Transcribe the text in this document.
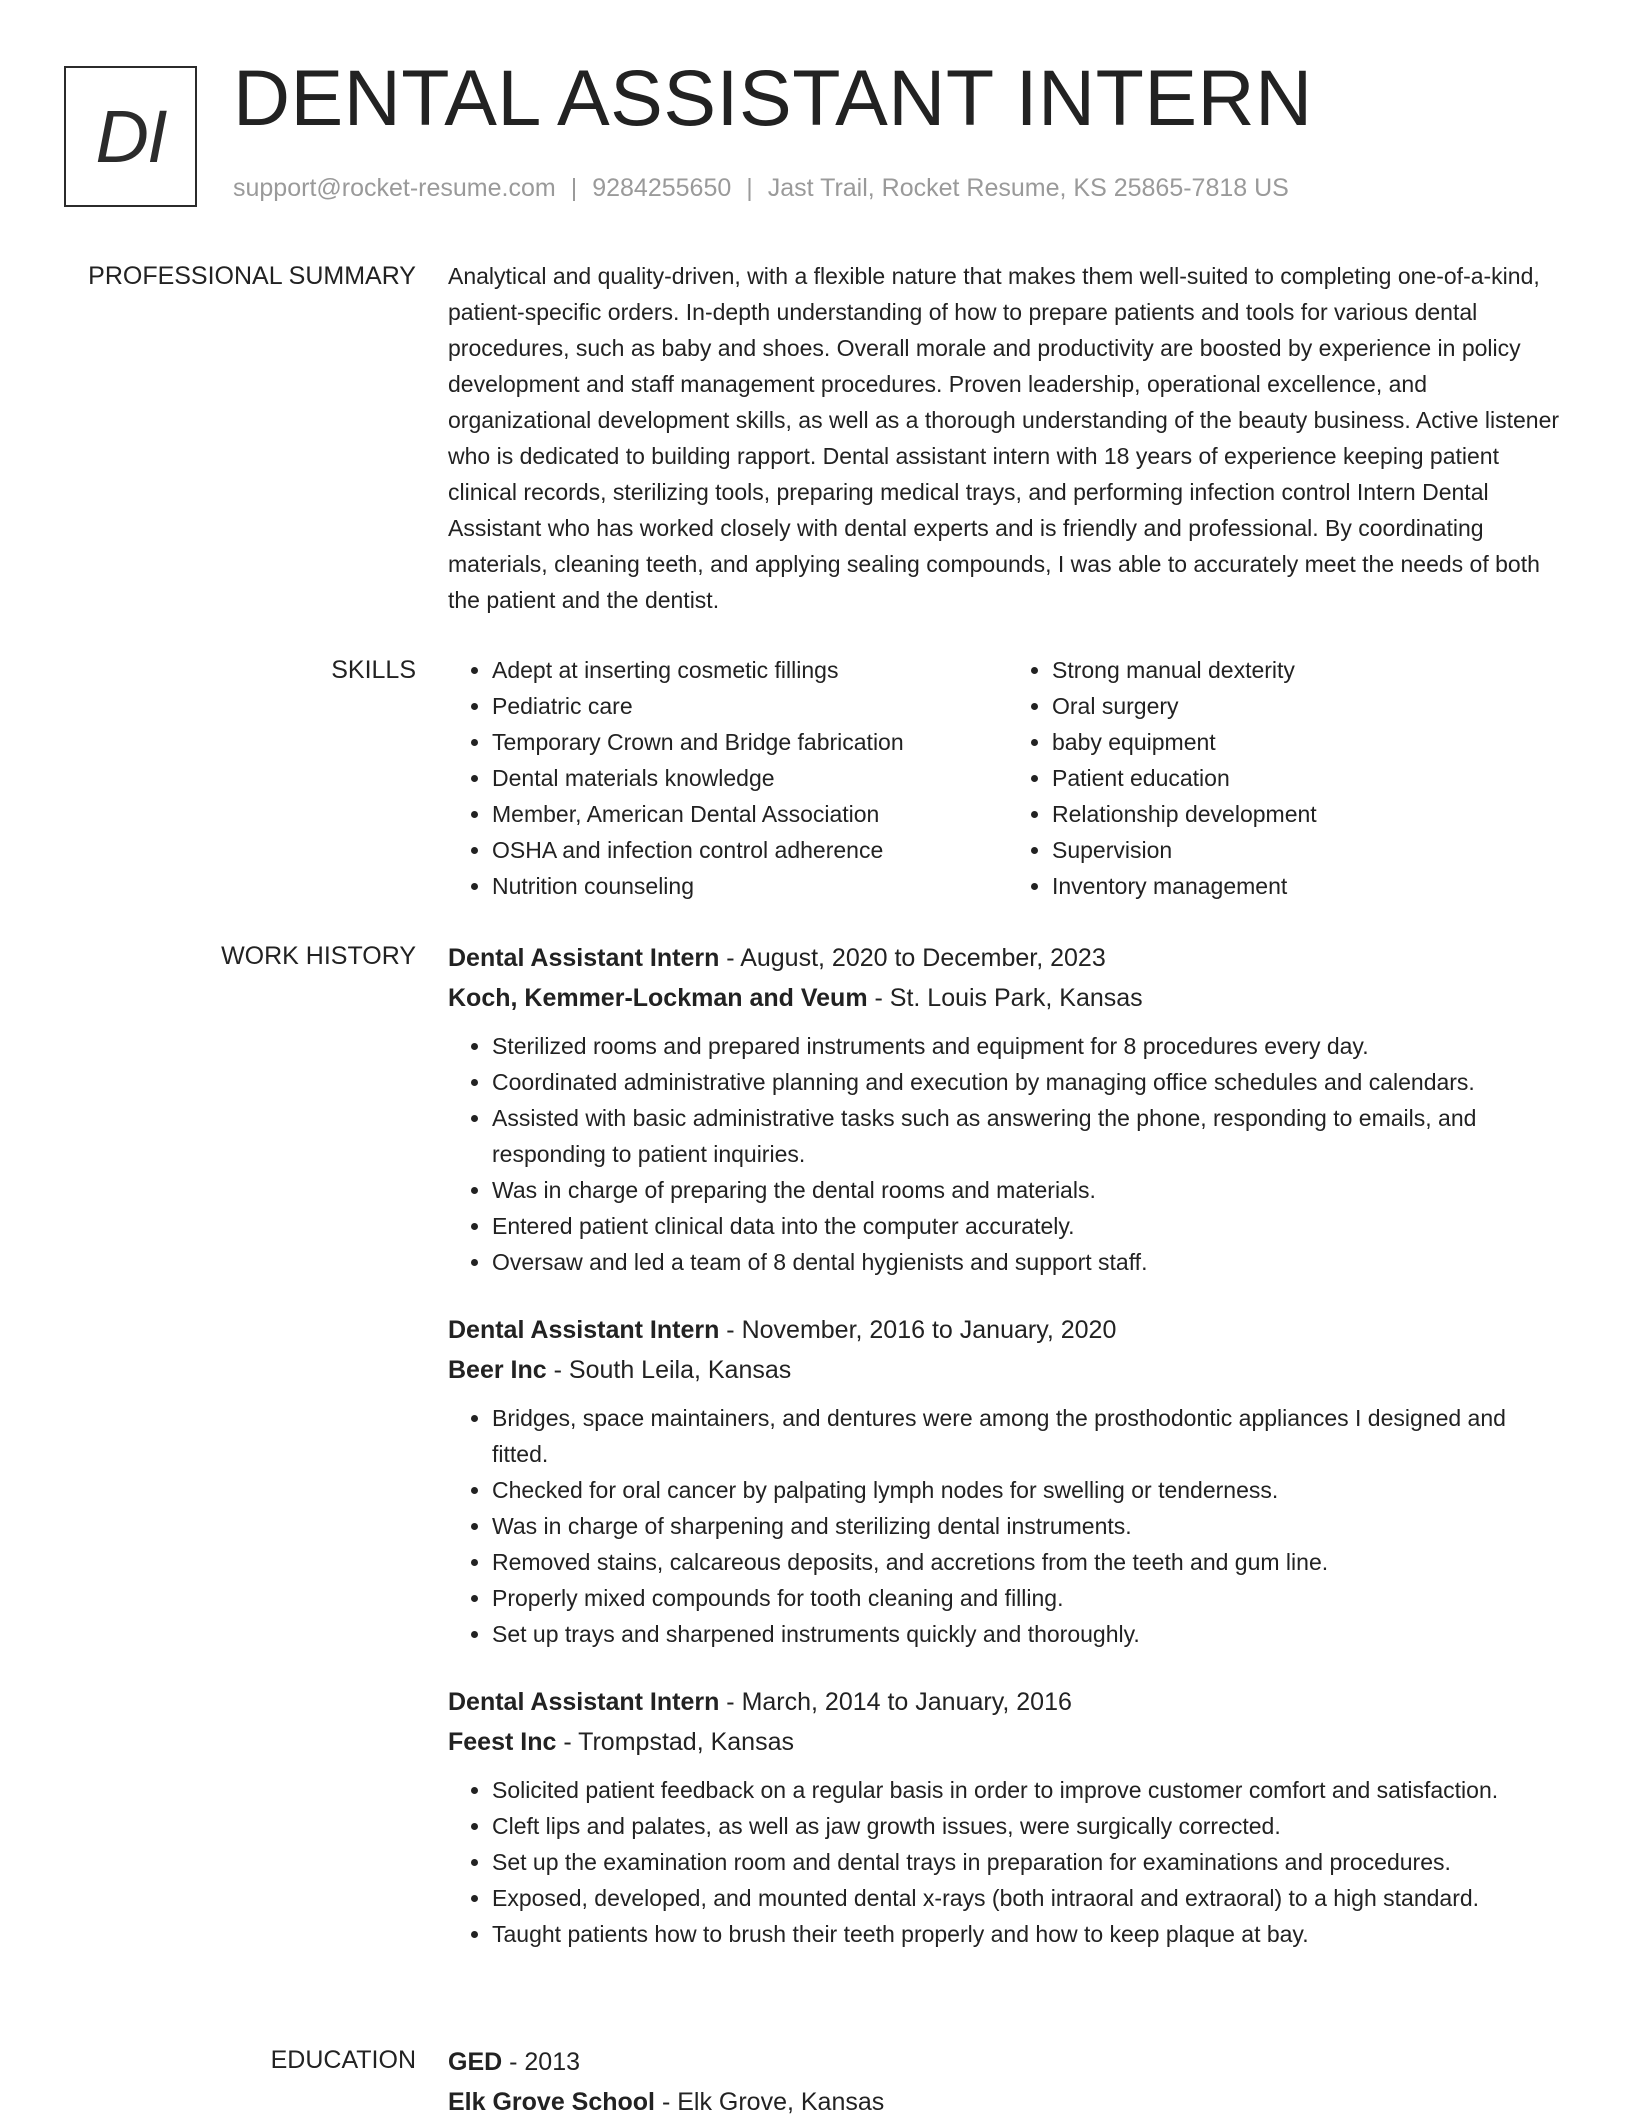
DI DENTAL ASSISTANT INTERN
support@rocket-resume.com | 9284255650 | Jast Trail, Rocket Resume, KS 25865-7818 US
PROFESSIONAL SUMMARY Analytical and quality-driven, with a flexible nature that makes them well-suited to completing one-of-a-kind, patient-specific orders. In-depth understanding of how to prepare patients and tools for various dental procedures, such as baby and shoes. Overall morale and productivity are boosted by experience in policy development and staff management procedures. Proven leadership, operational excellence, and organizational development skills, as well as a thorough understanding of the beauty business. Active listener who is dedicated to building rapport. Dental assistant intern with 18 years of experience keeping patient clinical records, sterilizing tools, preparing medical trays, and performing infection control Intern Dental Assistant who has worked closely with dental experts and is friendly and professional. By coordinating materials, cleaning teeth, and applying sealing compounds, I was able to accurately meet the needs of both the patient and the dentist.

SKILLS
•	Adept at inserting cosmetic fillings
• Pediatric care
• Temporary Crown and Bridge fabrication
• Dental materials knowledge
• Member, American Dental Association
• OSHA and infection control adherence
• Nutrition counseling
• Strong manual dexterity
• Oral surgery
• baby equipment
• Patient education
• Relationship development
• Supervision
• Inventory management
WORK HISTORY Dental Assistant Intern - August, 2020 to December, 2023
Koch, Kemmer-Lockman and Veum - St. Louis Park, Kansas
• Sterilized rooms and prepared instruments and equipment for 8 procedures every day.
• Coordinated administrative planning and execution by managing office schedules and calendars.
• Assisted with basic administrative tasks such as answering the phone, responding to emails, and responding to patient inquiries.
• Was in charge of preparing the dental rooms and materials.
• Entered patient clinical data into the computer accurately.
• Oversaw and led a team of 8 dental hygienists and support staff.
Dental Assistant Intern - November, 2016 to January, 2020
Beer Inc - South Leila, Kansas
• Bridges, space maintainers, and dentures were among the prosthodontic appliances I designed and fitted.
• Checked for oral cancer by palpating lymph nodes for swelling or tenderness.
• Was in charge of sharpening and sterilizing dental instruments.
• Removed stains, calcareous deposits, and accretions from the teeth and gum line.
• Properly mixed compounds for tooth cleaning and filling.
• Set up trays and sharpened instruments quickly and thoroughly.
Dental Assistant Intern - March, 2014 to January, 2016
Feest Inc - Trompstad, Kansas
• Solicited patient feedback on a regular basis in order to improve customer comfort and satisfaction.
• Cleft lips and palates, as well as jaw growth issues, were surgically corrected.
• Set up the examination room and dental trays in preparation for examinations and procedures.
• Exposed, developed, and mounted dental x-rays (both intraoral and extraoral) to a high standard.
• Taught patients how to brush their teeth properly and how to keep plaque at bay.
EDUCATION GED - 2013
Elk Grove School - Elk Grove, Kansas
